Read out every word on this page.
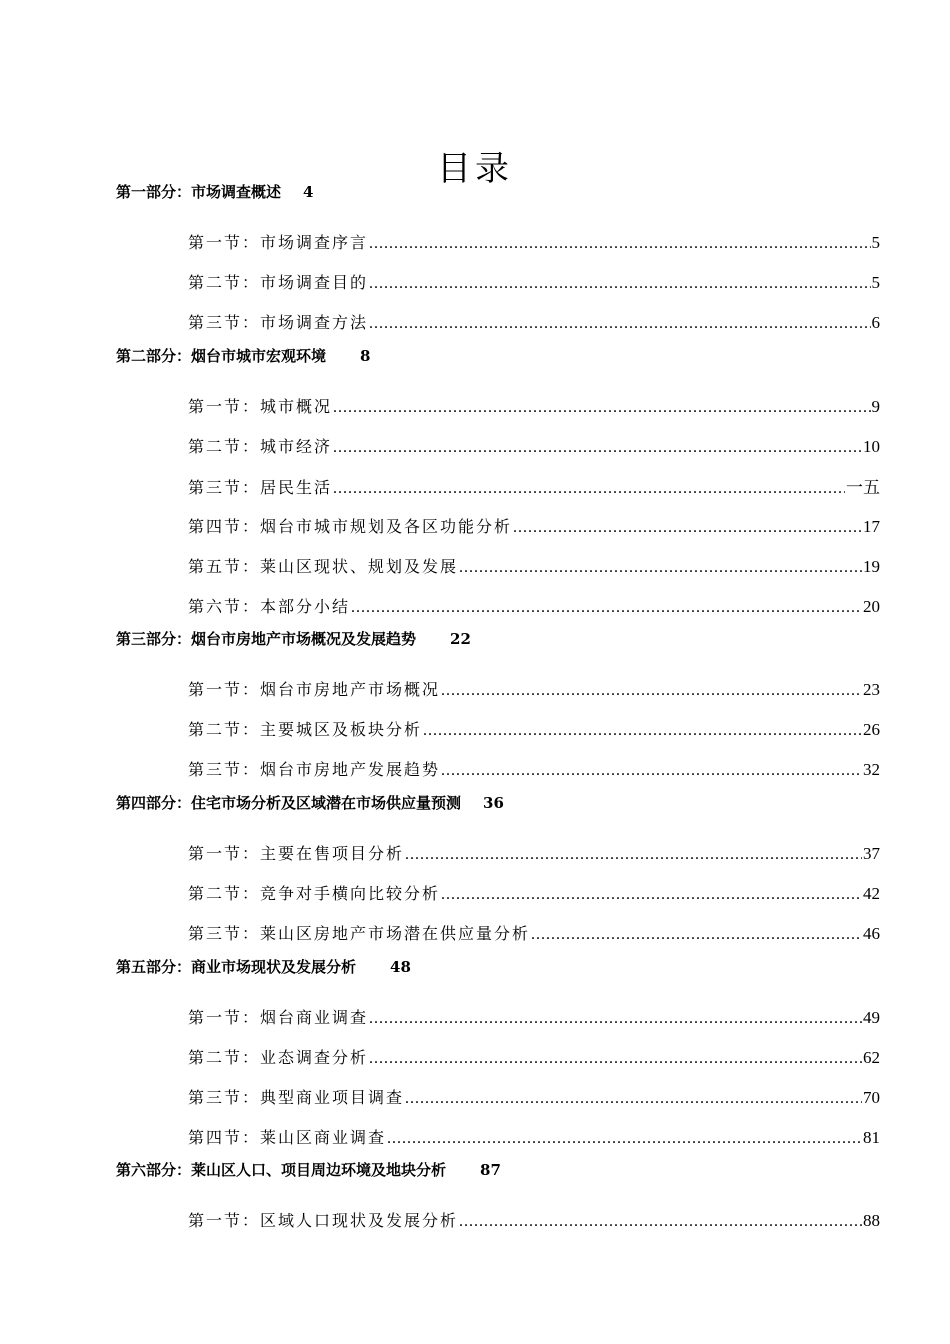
目录
第一部分：市场调查概述 4
第一节：市场调查序言 .....	5
第二节：市场调查目的 .....	5
第三节：市场调查方法 .....	6
第二部分：烟台市城市宏观环境 8
第一节：城市概况 .....	9
第二节：城市经济 .....	10
第三节：居民生活 .....	一五
第四节：烟台市城市规划及各区功能分析 .....	17
第五节：莱山区现状、规划及发展 .....	19
第六节：本部分小结 .....	20
第三部分：烟台市房地产市场概况及发展趋势 22
第一节：烟台市房地产市场概况 .....	23
第二节：主要城区及板块分析 .....	26
第三节：烟台市房地产发展趋势 .....	32
第四部分：住宅市场分析及区域潜在市场供应量预测 36
第一节：主要在售项目分析 .....	37
第二节：竞争对手横向比较分析 .....	42
第三节：莱山区房地产市场潜在供应量分析 .....	46
第五部分：商业市场现状及发展分析 48
第一节：烟台商业调查 .....	49
第二节：业态调查分析 .....	62
第三节：典型商业项目调查 .....	70
第四节：莱山区商业调查 .....	81
第六部分：莱山区人口、项目周边环境及地块分析 87
第一节：区域人口现状及发展分析 .....	88
